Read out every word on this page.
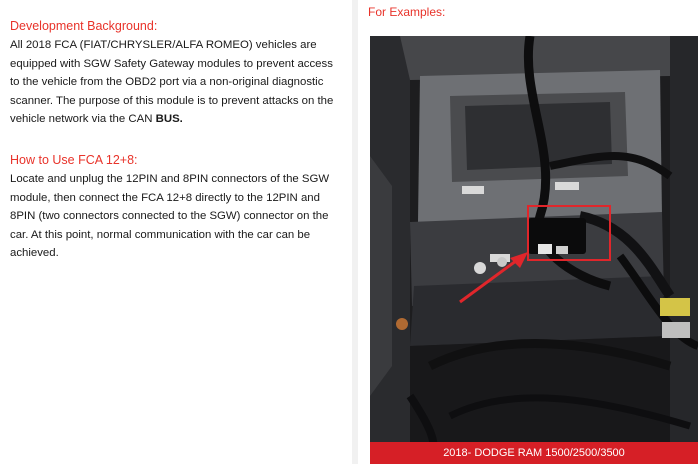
Development Background:

All 2018 FCA (FIAT/CHRYSLER/ALFA ROMEO) vehicles are equipped with SGW Safety Gateway modules to prevent access to the vehicle from the OBD2 port via a non-original diagnostic scanner. The purpose of this module is to prevent attacks on the vehicle network via the CAN BUS.

How to Use FCA 12+8:

Locate and unplug the 12PIN and 8PIN connectors of the SGW module, then connect the FCA 12+8 directly to the 12PIN and 8PIN (two connectors connected to the SGW) connector on the car. At this point, normal communication with the car can be achieved.

For Examples:
2018- DODGE RAM 1500/2500/3500
